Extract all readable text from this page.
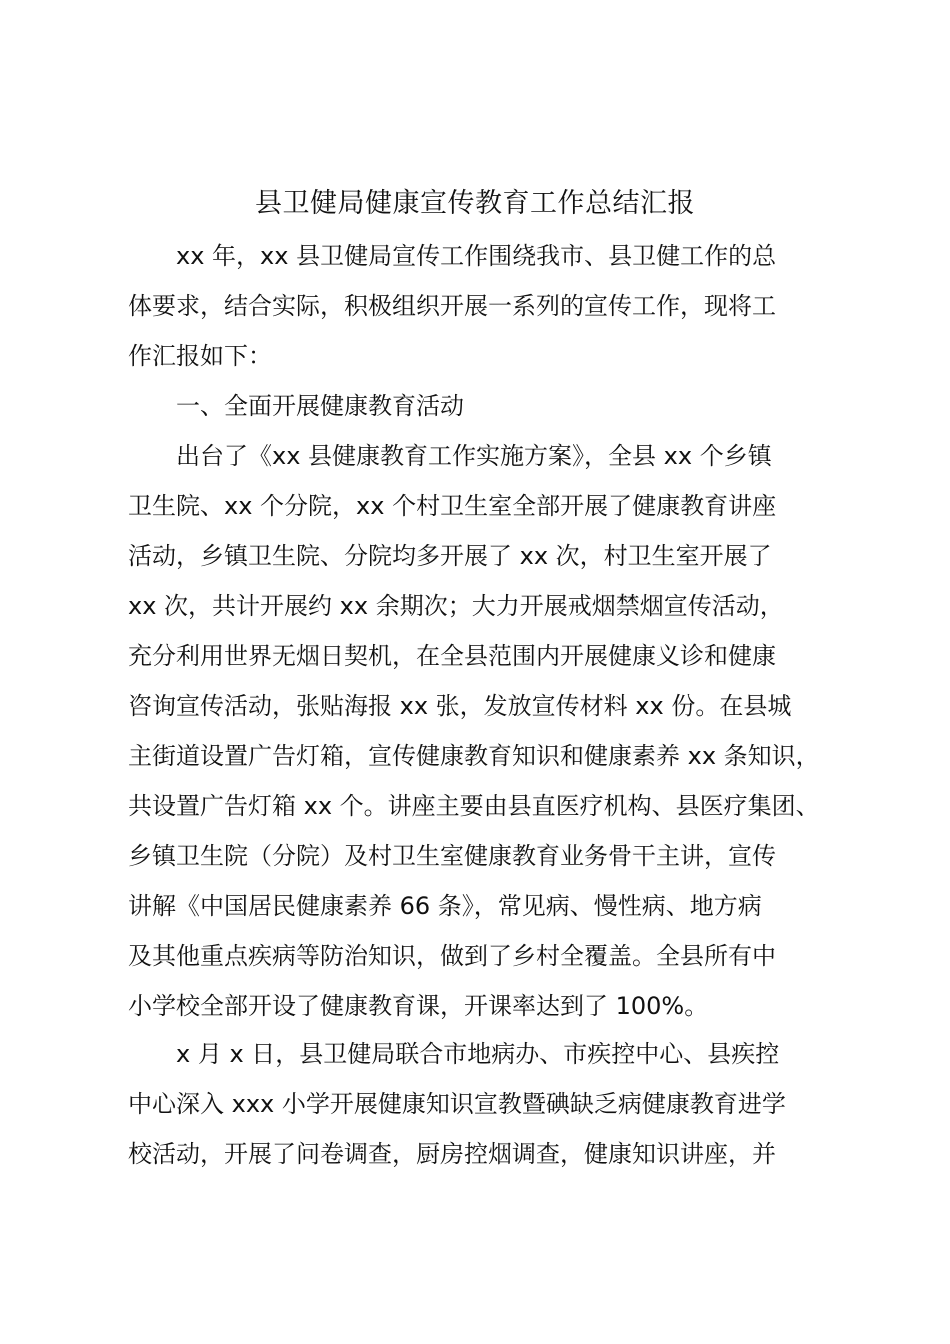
县卫健局健康宣传教育工作总结汇报

xx 年，xx 县卫健局宣传工作围绕我市、县卫健工作的总

体要求，结合实际，积极组织开展一系列的宣传工作，现将工

作汇报如下：

一、全面开展健康教育活动

出台了《xx 县健康教育工作实施方案》，全县 xx 个乡镇

卫生院、xx 个分院，xx 个村卫生室全部开展了健康教育讲座

活动，乡镇卫生院、分院均多开展了 xx 次，村卫生室开展了

xx 次，共计开展约 xx 余期次；大力开展戒烟禁烟宣传活动，

充分利用世界无烟日契机，在全县范围内开展健康义诊和健康

咨询宣传活动，张贴海报 xx 张，发放宣传材料 xx 份。在县城

主街道设置广告灯箱，宣传健康教育知识和健康素养 xx 条知识，

共设置广告灯箱 xx 个。讲座主要由县直医疗机构、县医疗集团、

乡镇卫生院（分院）及村卫生室健康教育业务骨干主讲，宣传

讲解《中国居民健康素养 66 条》，常见病、慢性病、地方病

及其他重点疾病等防治知识，做到了乡村全覆盖。全县所有中

小学校全部开设了健康教育课，开课率达到了 100%。

x 月 x 日，县卫健局联合市地病办、市疾控中心、县疾控

中心深入 xxx 小学开展健康知识宣教暨碘缺乏病健康教育进学

校活动，开展了问卷调查，厨房控烟调查，健康知识讲座，并
